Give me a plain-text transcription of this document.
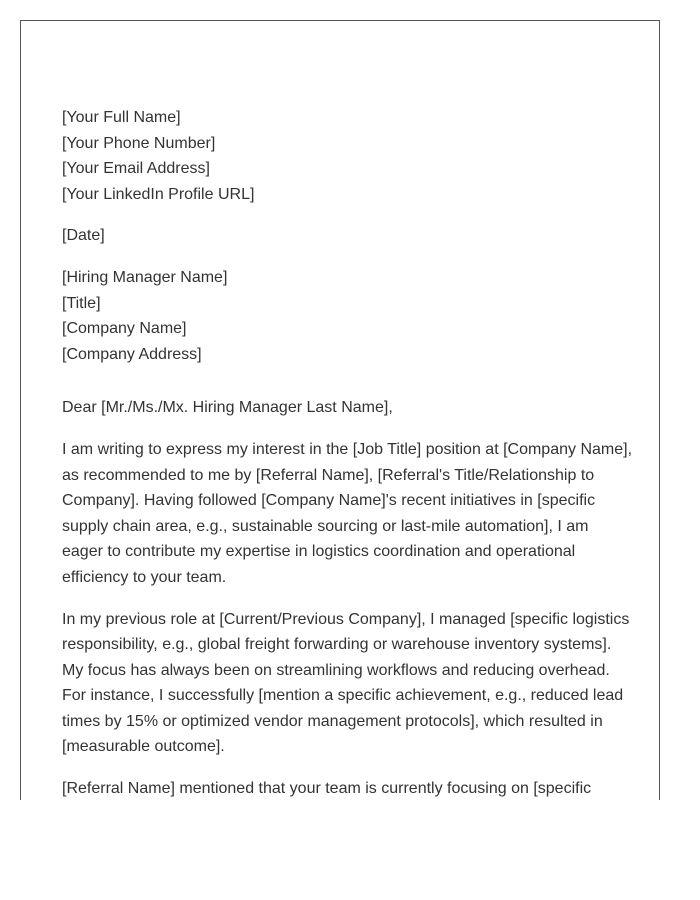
[Your Full Name]
[Your Phone Number]
[Your Email Address]
[Your LinkedIn Profile URL]
[Date]
[Hiring Manager Name]
[Title]
[Company Name]
[Company Address]
Dear [Mr./Ms./Mx. Hiring Manager Last Name],

I am writing to express my interest in the [Job Title] position at [Company Name], as recommended to me by [Referral Name], [Referral's Title/Relationship to Company]. Having followed [Company Name]'s recent initiatives in [specific supply chain area, e.g., sustainable sourcing or last-mile automation], I am eager to contribute my expertise in logistics coordination and operational efficiency to your team.

In my previous role at [Current/Previous Company], I managed [specific logistics responsibility, e.g., global freight forwarding or warehouse inventory systems]. My focus has always been on streamlining workflows and reducing overhead. For instance, I successfully [mention a specific achievement, e.g., reduced lead times by 15% or optimized vendor management protocols], which resulted in [measurable outcome].

[Referral Name] mentioned that your team is currently focusing on [specific
